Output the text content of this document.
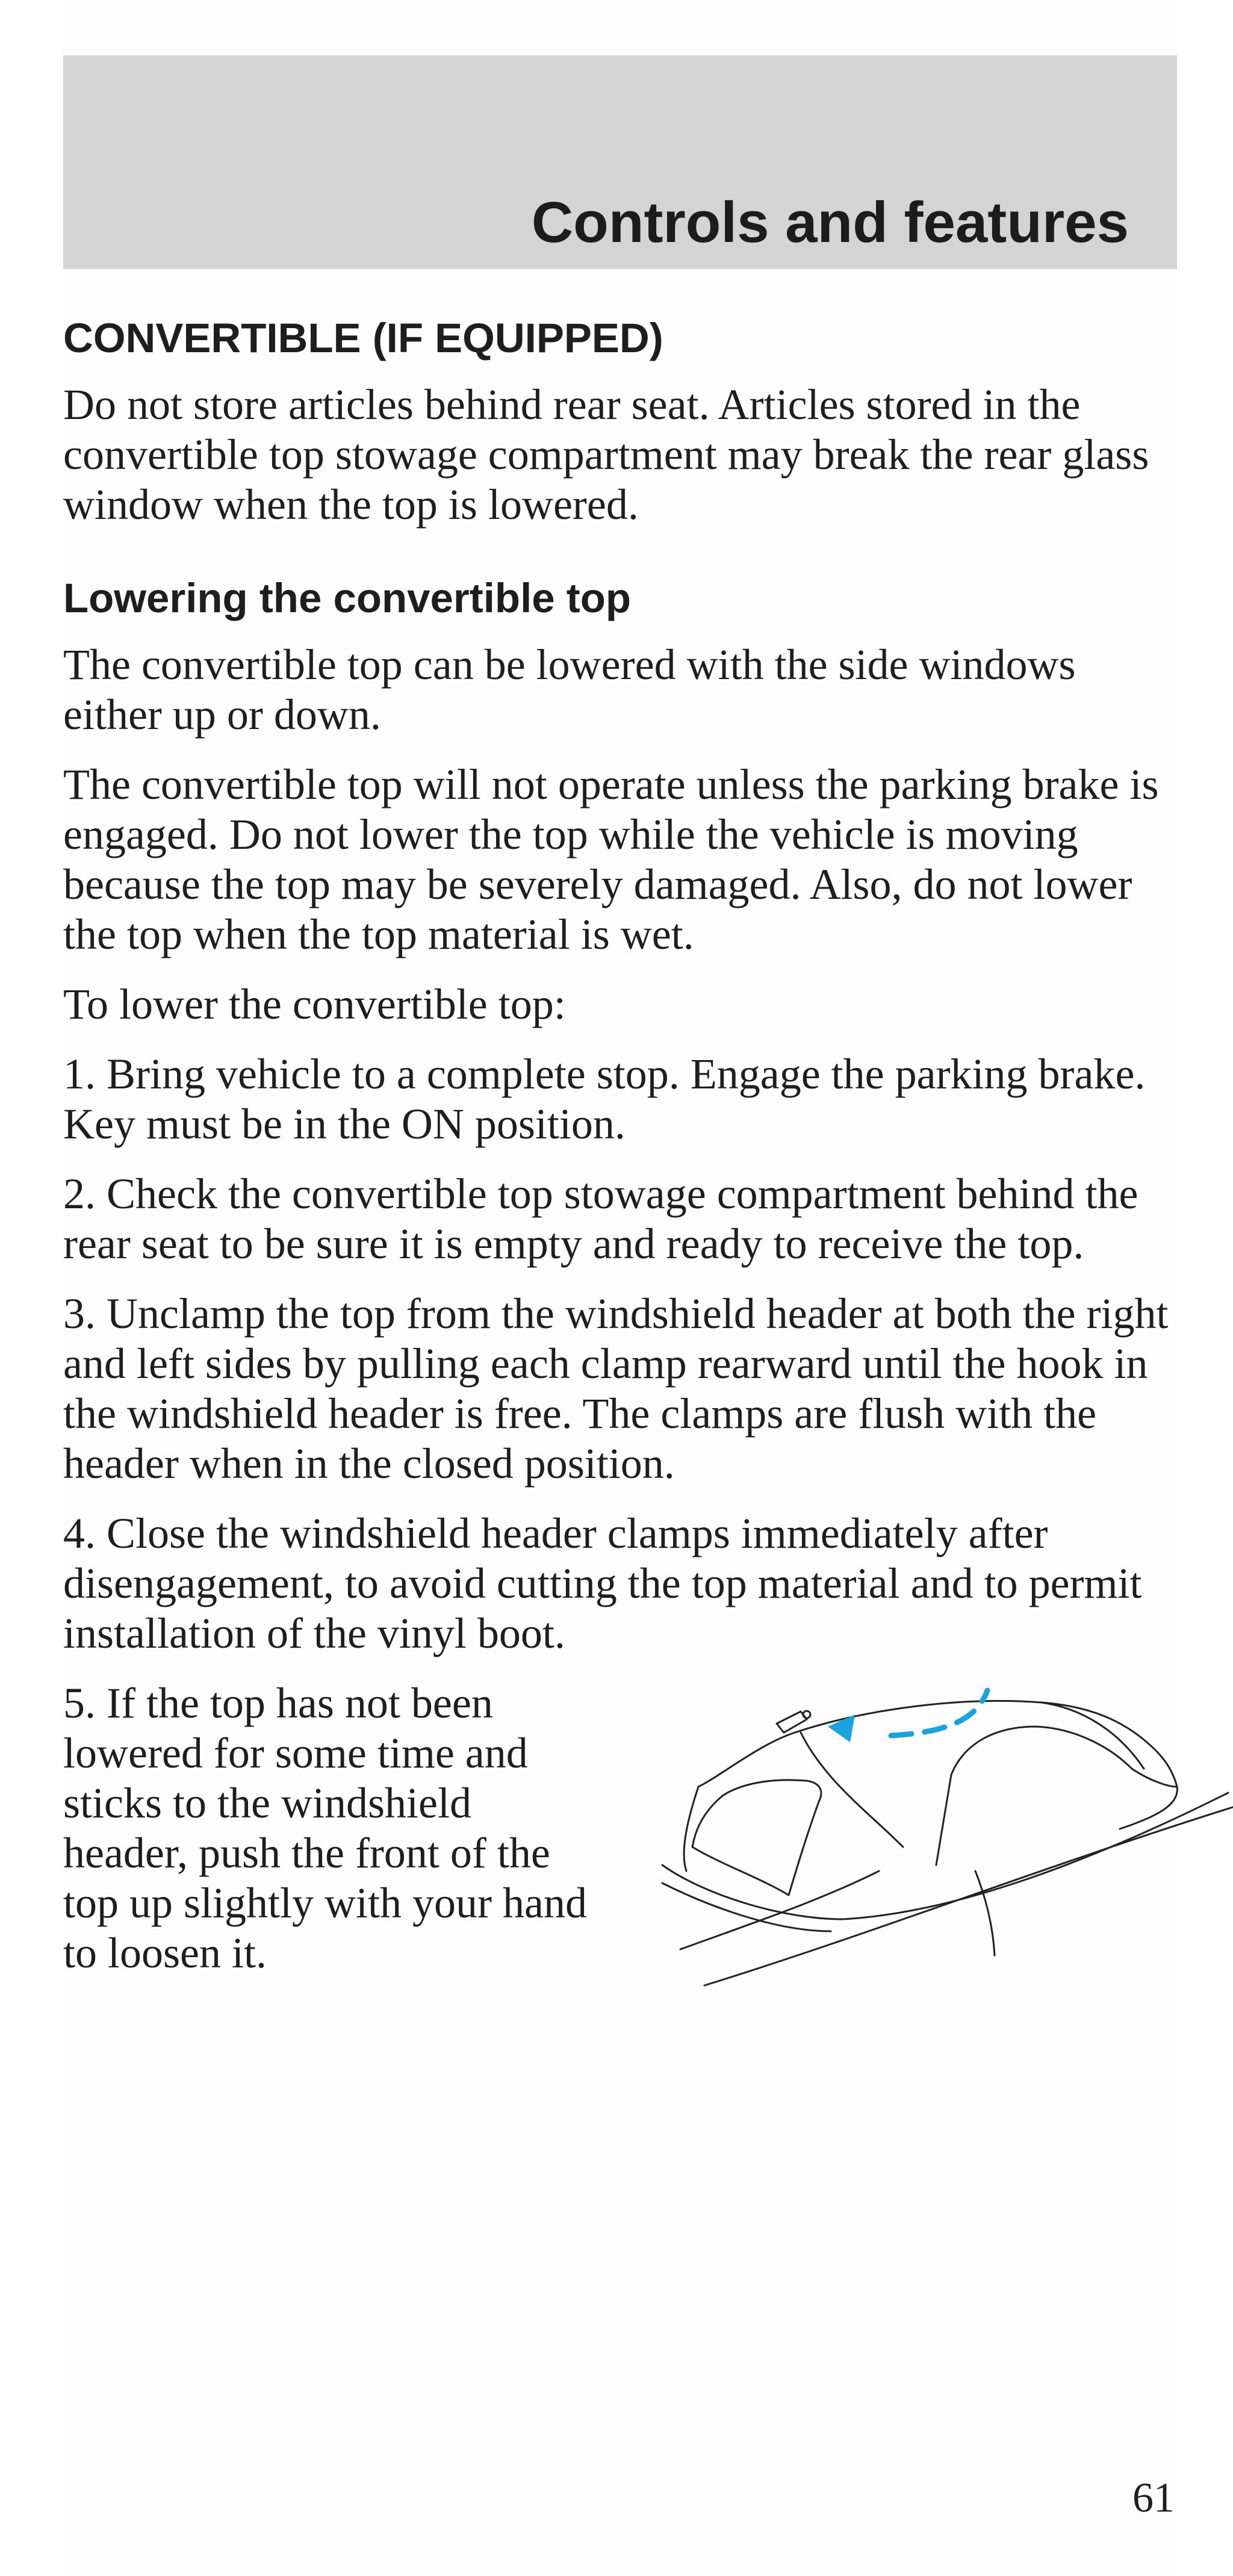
Controls and features
CONVERTIBLE (IF EQUIPPED)

Do not store articles behind rear seat. Articles stored in the convertible top stowage compartment may break the rear glass window when the top is lowered.

Lowering the convertible top

The convertible top can be lowered with the side windows either up or down.

The convertible top will not operate unless the parking brake is engaged. Do not lower the top while the vehicle is moving because the top may be severely damaged. Also, do not lower the top when the top material is wet.

To lower the convertible top:

1. Bring vehicle to a complete stop. Engage the parking brake. Key must be in the ON position.

2. Check the convertible top stowage compartment behind the rear seat to be sure it is empty and ready to receive the top.

3. Unclamp the top from the windshield header at both the right and left sides by pulling each clamp rearward until the hook in the windshield header is free. The clamps are flush with the header when in the closed position.

4. Close the windshield header clamps immediately after disengagement, to avoid cutting the top material and to permit installation of the vinyl boot.

5. If the top has not been lowered for some time and sticks to the windshield header, push the front of the top up slightly with your hand to loosen it.

61
